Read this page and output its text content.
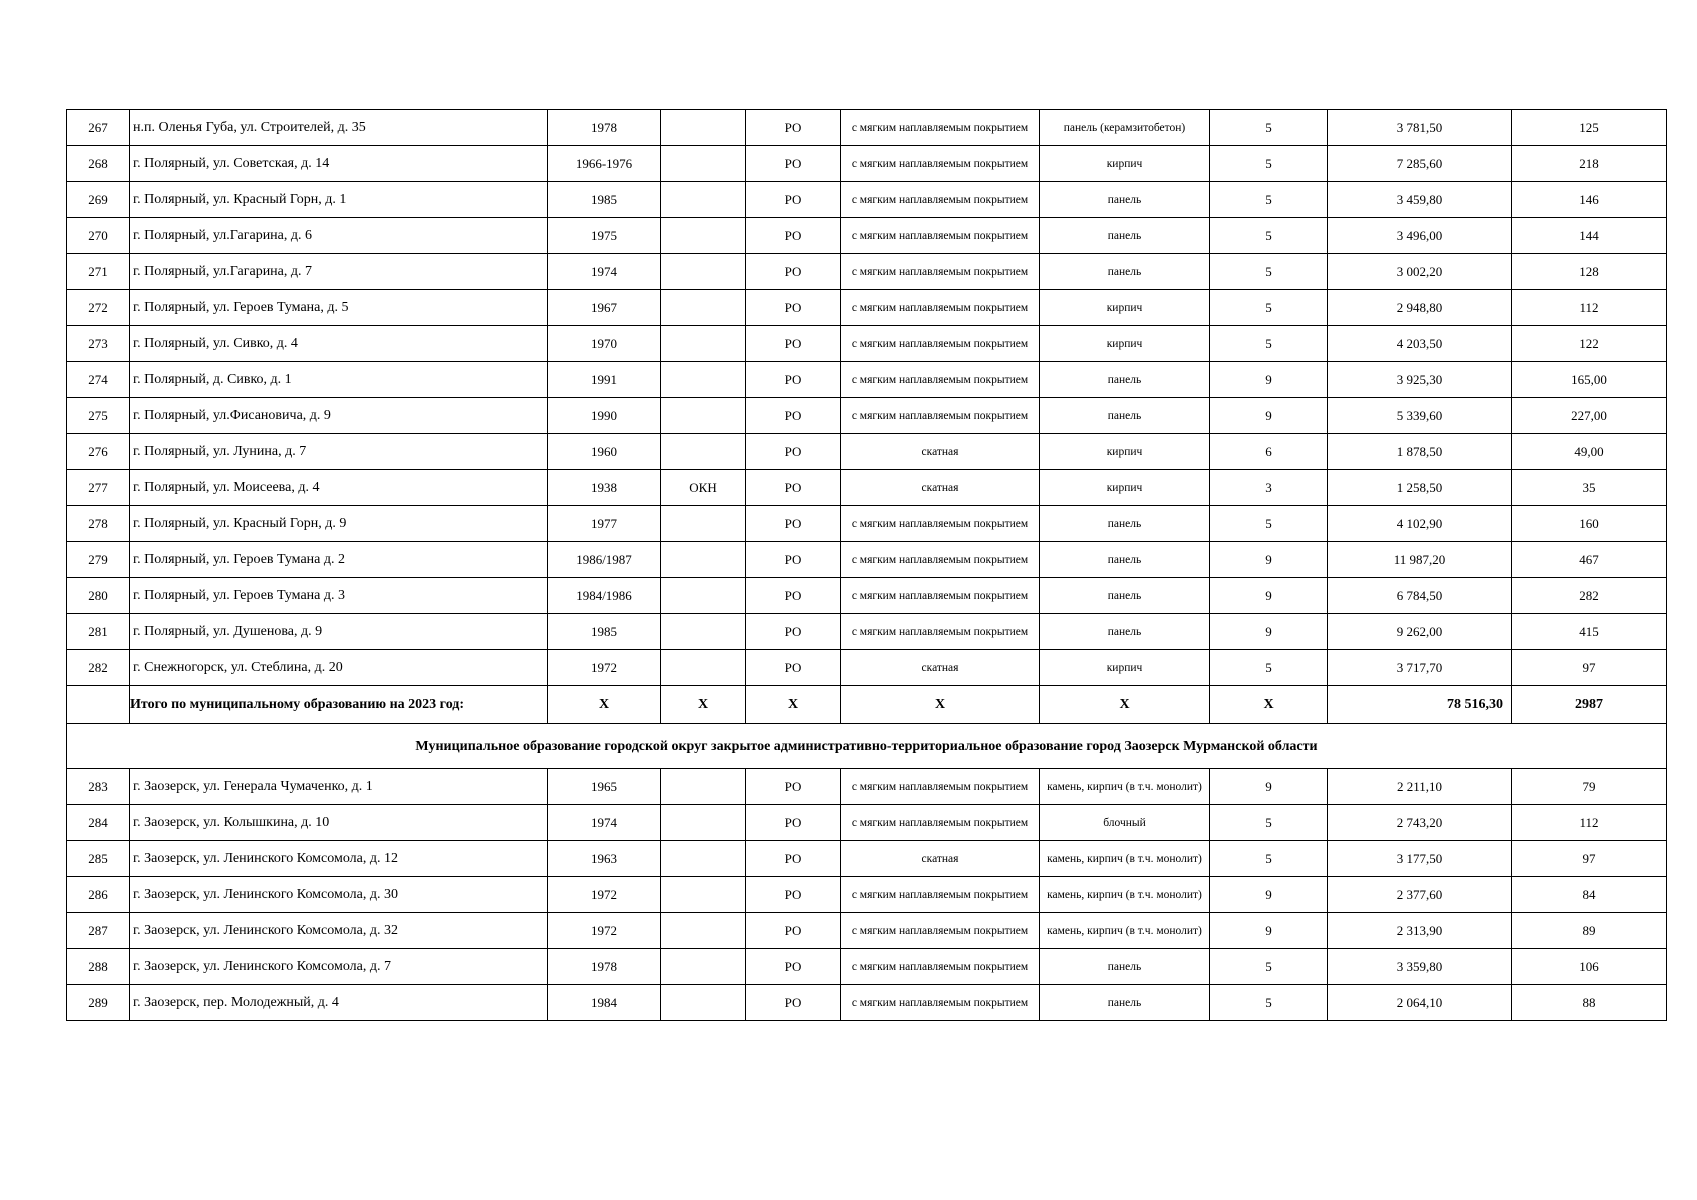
267	н.п. Оленья Губа, ул. Строителей, д. 35	1978		РО	с мягким наплавляемым покрытием	панель (керамзитобетон)	5	3 781,50	125
268	г. Полярный, ул. Советская, д. 14	1966-1976		РО	с мягким наплавляемым покрытием	кирпич	5	7 285,60	218
269	г. Полярный, ул. Красный Горн, д. 1	1985		РО	с мягким наплавляемым покрытием	панель	5	3 459,80	146
270	г. Полярный, ул.Гагарина, д. 6	1975		РО	с мягким наплавляемым покрытием	панель	5	3 496,00	144
271	г. Полярный, ул.Гагарина, д. 7	1974		РО	с мягким наплавляемым покрытием	панель	5	3 002,20	128
272	г. Полярный, ул. Героев Тумана, д. 5	1967		РО	с мягким наплавляемым покрытием	кирпич	5	2 948,80	112
273	г. Полярный, ул. Сивко, д. 4	1970		РО	с мягким наплавляемым покрытием	кирпич	5	4 203,50	122
274	г. Полярный, д. Сивко, д. 1	1991		РО	с мягким наплавляемым покрытием	панель	9	3 925,30	165,00
275	г. Полярный, ул.Фисановича, д. 9	1990		РО	с мягким наплавляемым покрытием	панель	9	5 339,60	227,00
276	г. Полярный, ул. Лунина, д. 7	1960		РО	скатная	кирпич	6	1 878,50	49,00
277	г. Полярный, ул. Моисеева, д. 4	1938	ОКН	РО	скатная	кирпич	3	1 258,50	35
278	г. Полярный, ул. Красный Горн, д. 9	1977		РО	с мягким наплавляемым покрытием	панель	5	4 102,90	160
279	г. Полярный, ул. Героев Тумана д. 2	1986/1987		РО	с мягким наплавляемым покрытием	панель	9	11 987,20	467
280	г. Полярный, ул. Героев Тумана д. 3	1984/1986		РО	с мягким наплавляемым покрытием	панель	9	6 784,50	282
281	г. Полярный, ул. Душенова, д. 9	1985		РО	с мягким наплавляемым покрытием	панель	9	9 262,00	415
282	г. Снежногорск, ул. Стеблина, д. 20	1972		РО	скатная	кирпич	5	3 717,70	97
	Итого по муниципальному образованию на 2023 год:	Х	Х	Х	Х	Х	Х	78 516,30	2987
Муниципальное образование городской округ закрытое административно-территориальное образование город Заозерск Мурманской области									
283	г. Заозерск, ул. Генерала Чумаченко, д. 1	1965		РО	с мягким наплавляемым покрытием	камень, кирпич (в т.ч. монолит)	9	2 211,10	79
284	г. Заозерск, ул. Колышкина, д. 10	1974		РО	с мягким наплавляемым покрытием	блочный	5	2 743,20	112
285	г. Заозерск, ул. Ленинского Комсомола, д. 12	1963		РО	скатная	камень, кирпич (в т.ч. монолит)	5	3 177,50	97
286	г. Заозерск, ул. Ленинского Комсомола, д. 30	1972		РО	с мягким наплавляемым покрытием	камень, кирпич (в т.ч. монолит)	9	2 377,60	84
287	г. Заозерск, ул. Ленинского Комсомола, д. 32	1972		РО	с мягким наплавляемым покрытием	камень, кирпич (в т.ч. монолит)	9	2 313,90	89
288	г. Заозерск, ул. Ленинского Комсомола, д. 7	1978		РО	с мягким наплавляемым покрытием	панель	5	3 359,80	106
289	г. Заозерск, пер. Молодежный, д. 4	1984		РО	с мягким наплавляемым покрытием	панель	5	2 064,10	88
